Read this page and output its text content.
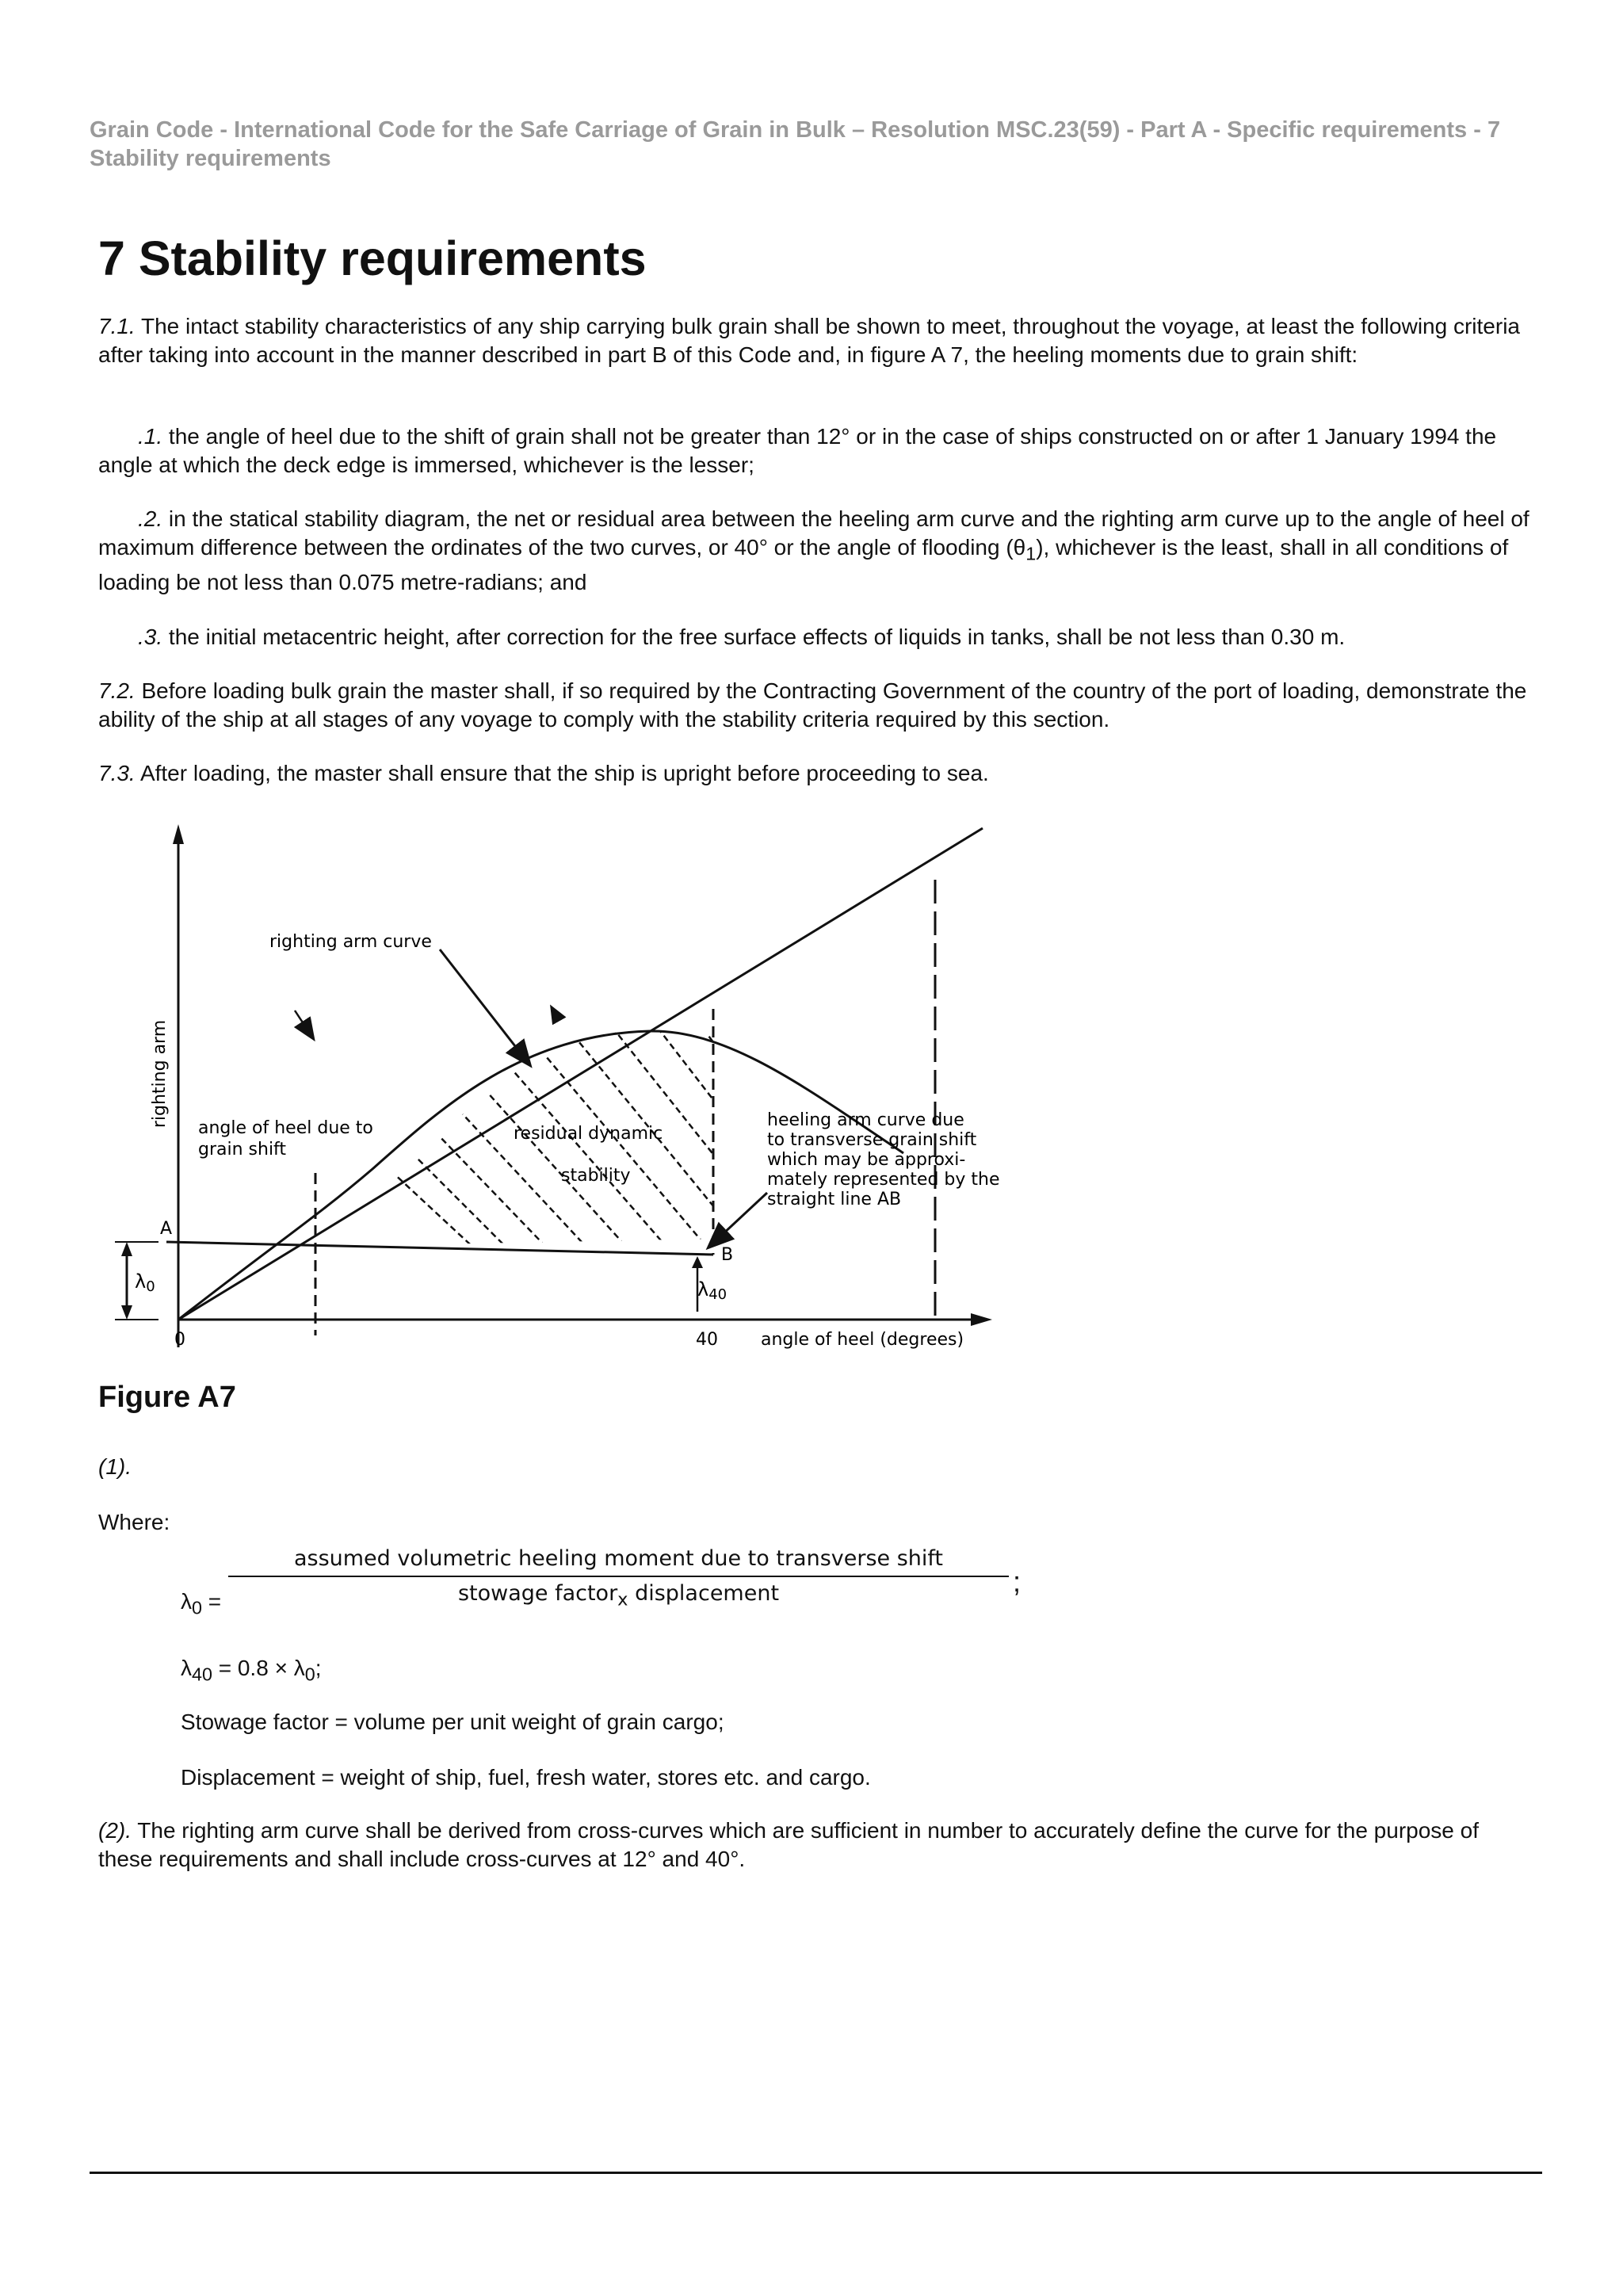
Grain Code - International Code for the Safe Carriage of Grain in Bulk – Resolution MSC.23(59) - Part A - Specific requirements - 7 Stability requirements
7 Stability requirements

7.1. The intact stability characteristics of any ship carrying bulk grain shall be shown to meet, throughout the voyage, at least the following criteria after taking into account in the manner described in part B of this Code and, in figure A 7, the heeling moments due to grain shift:

.1. the angle of heel due to the shift of grain shall not be greater than 12° or in the case of ships constructed on or after 1 January 1994 the angle at which the deck edge is immersed, whichever is the lesser;

.2. in the statical stability diagram, the net or residual area between the heeling arm curve and the righting arm curve up to the angle of heel of maximum difference between the ordinates of the two curves, or 40° or the angle of flooding $(\theta_1)$, whichever is the least, shall in all conditions of loading be not less than 0.075 metre-radians; and

.3. the initial metacentric height, after correction for the free surface effects of liquids in tanks, shall be not less than 0.30 m.

7.2. Before loading bulk grain the master shall, if so required by the Contracting Government of the country of the port of loading, demonstrate the ability of the ship at all stages of any voyage to comply with the stability criteria required by this section.

7.3. After loading, the master shall ensure that the ship is upright before proceeding to sea.

righting arm
righting arm curve
angle of heel due to
grain shift
residual dynamic
stability
heeling arm curve due
to transverse grain shift
which may be approxi-
mately represented by the
straight line AB
A
B
λ0	λ40
0	40 angle of heel (degrees)

Figure A7

(1).

Where:

$\lambda_0$ =
assumed volumetric heeling moment due to transverse shift
stowage factor$_x$ displacement	;

$\lambda_{40} = 0.8 \times \lambda_0$;

Stowage factor = volume per unit weight of grain cargo;

Displacement = weight of ship, fuel, fresh water, stores etc. and cargo.

(2). The righting arm curve shall be derived from cross-curves which are sufficient in number to accurately define the curve for the purpose of these requirements and shall include cross-curves at 12° and 40°.
